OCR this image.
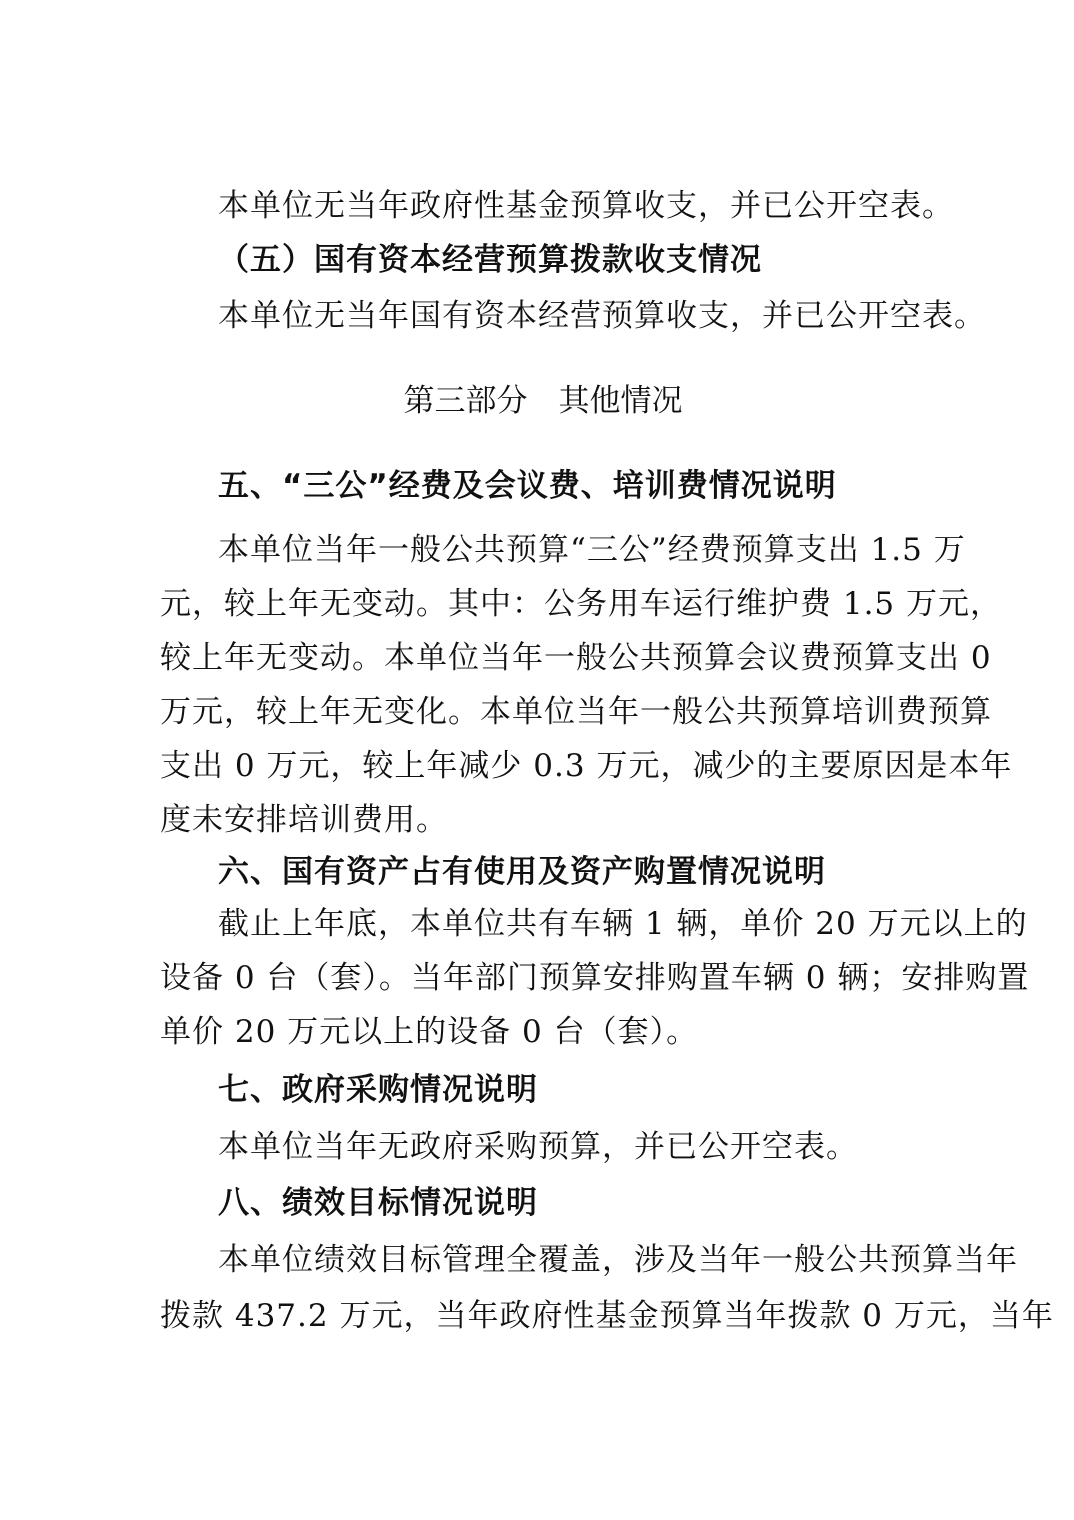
本单位无当年政府性基金预算收支，并已公开空表。
（五）国有资本经营预算拨款收支情况
本单位无当年国有资本经营预算收支，并已公开空表。
第三部分　其他情况
五、“三公”经费及会议费、培训费情况说明
本单位当年一般公共预算“三公”经费预算支出 1.5 万
元，较上年无变动。其中：公务用车运行维护费 1.5 万元，
较上年无变动。本单位当年一般公共预算会议费预算支出 0
万元，较上年无变化。本单位当年一般公共预算培训费预算
支出 0 万元，较上年减少 0.3 万元，减少的主要原因是本年
度未安排培训费用。
六、国有资产占有使用及资产购置情况说明
截止上年底，本单位共有车辆 1 辆，单价 20 万元以上的
设备 0 台（套）。当年部门预算安排购置车辆 0 辆；安排购置
单价 20 万元以上的设备 0 台（套）。
七、政府采购情况说明
本单位当年无政府采购预算，并已公开空表。
八、绩效目标情况说明
本单位绩效目标管理全覆盖，涉及当年一般公共预算当年
拨款 437.2 万元，当年政府性基金预算当年拨款 0 万元，当年
